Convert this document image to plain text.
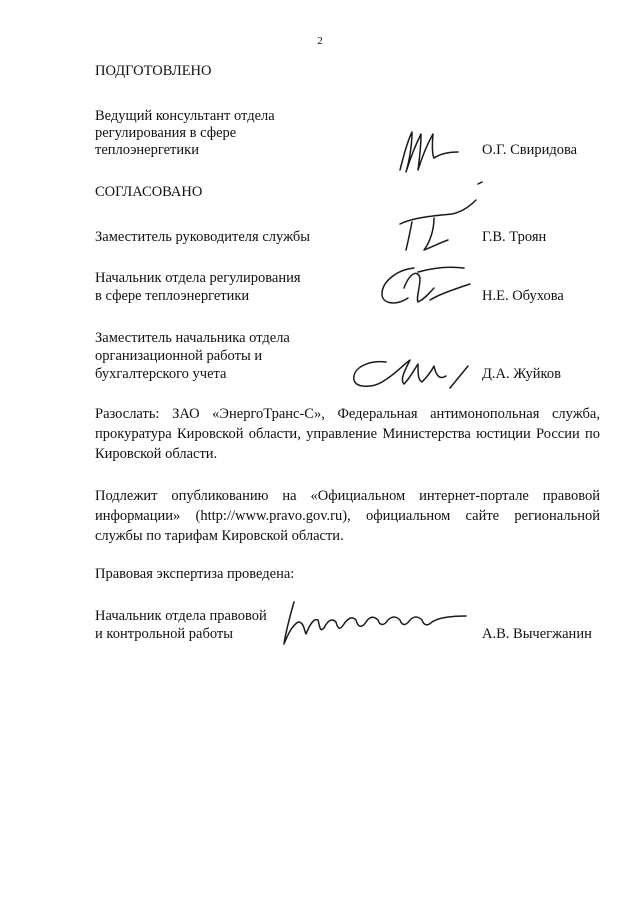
2
ПОДГОТОВЛЕНО
Ведущий консультант отдела
регулирования в сфере
теплоэнергетики	О.Г. Свиридова
СОГЛАСОВАНО
Заместитель руководителя службы	Г.В. Троян
Начальник отдела регулирования
в сфере теплоэнергетики	Н.Е. Обухова
Заместитель начальника отдела
организационной работы и
бухгалтерского учета	Д.А. Жуйков
Разослать: ЗАО «ЭнергоТранс-С», Федеральная антимонопольная служба, прокуратура Кировской области, управление Министерства юстиции России по Кировской области.
Подлежит опубликованию на «Официальном интернет-портале правовой информации» (http://www.pravo.gov.ru), официальном сайте региональной службы по тарифам Кировской области.
Правовая экспертиза проведена:
Начальник отдела правовой
и контрольной работы	А.В. Вычегжанин
